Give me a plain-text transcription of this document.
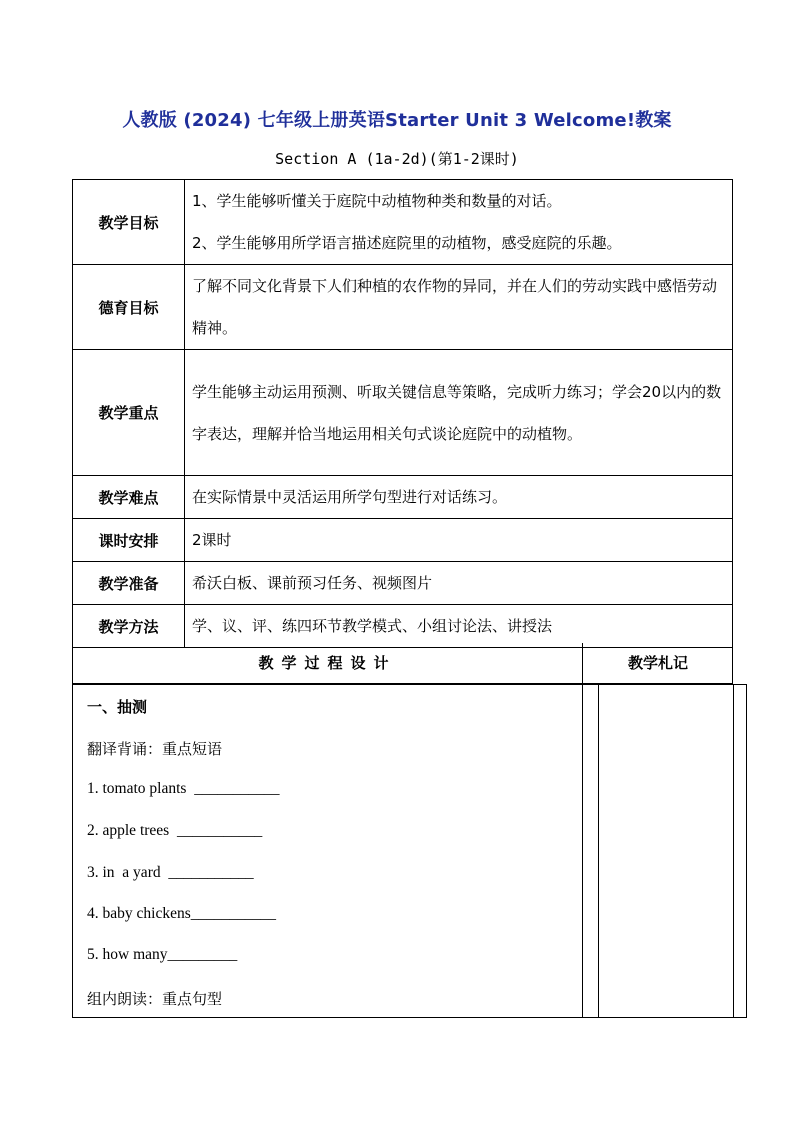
人教版 (2024) 七年级上册英语Starter Unit 3 Welcome!教案
Section A (1a-2d)(第1-2课时)
教学目标	1、学生能够听懂关于庭院中动植物种类和数量的对话。

2、学生能够用所学语言描述庭院里的动植物，感受庭院的乐趣。

德育目标	了解不同文化背景下人们种植的农作物的异同，并在人们的劳动实践中感悟劳动精神。

教学重点	学生能够主动运用预测、听取关键信息等策略，完成听力练习；学会20以内的数字表达，理解并恰当地运用相关句式谈论庭院中的动植物。

教学难点	在实际情景中灵活运用所学句型进行对话练习。

课时安排	2课时

教学准备	希沃白板、课前预习任务、视频图片

教学方法	学、议、评、练四环节教学模式、小组讨论法、讲授法

教学过程设计	教学札记
一、抽测
翻译背诵：重点短语
1. tomato plants  ___________
2. apple trees  ___________
3. in  a yard  ___________
4. baby chickens___________
5. how many_________
组内朗读：重点句型
